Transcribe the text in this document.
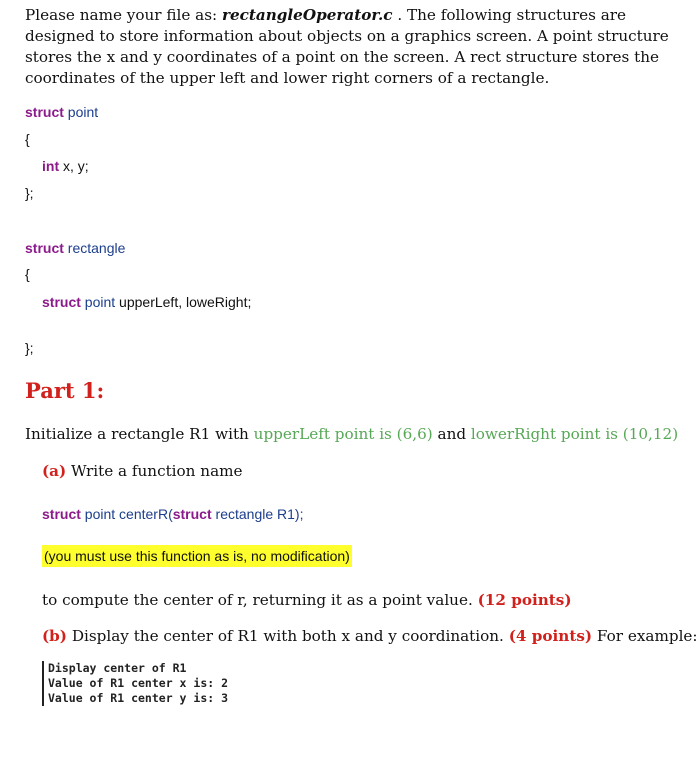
Please name your file as: rectangleOperator.c . The following structures are designed to store information about objects on a graphics screen. A point structure stores the x and y coordinates of a point on the screen. A rect structure stores the coordinates of the upper left and lower right corners of a rectangle.
struct point
{
int x, y;
};
struct rectangle
{
struct point upperLeft, loweRight;
};
Part 1:
Initialize a rectangle R1 with upperLeft point is (6,6) and lowerRight point is (10,12)
(a) Write a function name
struct point centerR(struct rectangle R1);
(you must use this function as is, no modification)
to compute the center of r, returning it as a point value. (12 points)
(b) Display the center of R1 with both x and y coordination. (4 points) For example:
Display center of R1
Value of R1 center x is: 2
Value of R1 center y is: 3
